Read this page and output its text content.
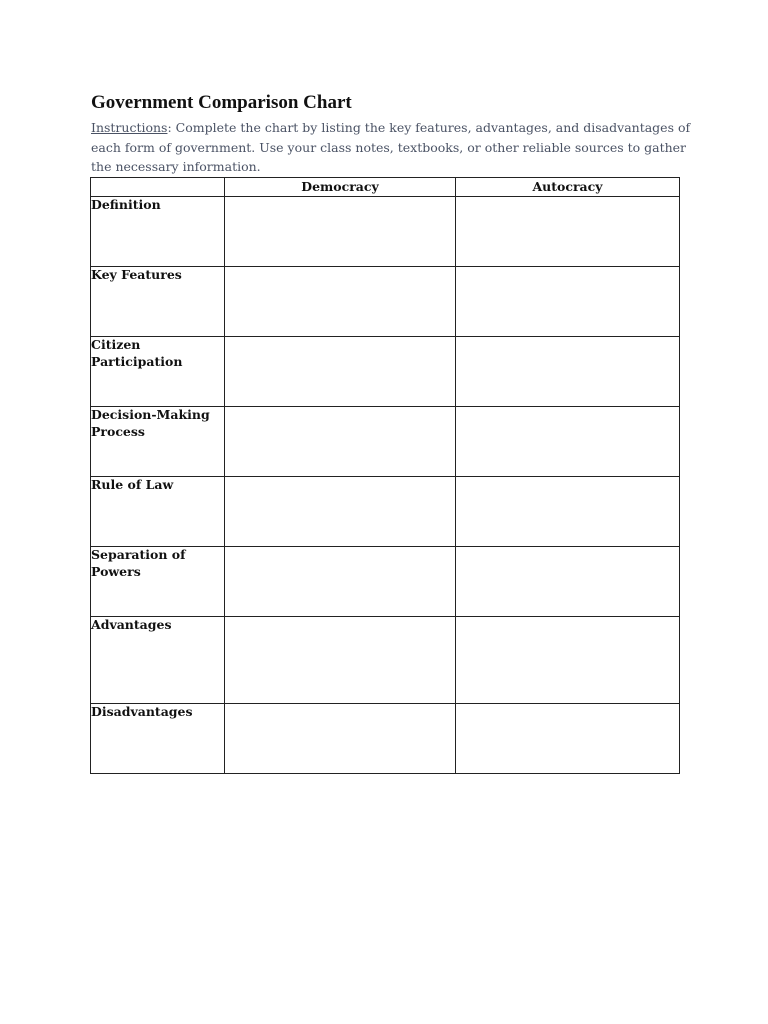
Government Comparison Chart
Instructions: Complete the chart by listing the key features, advantages, and disadvantages of each form of government. Use your class notes, textbooks, or other reliable sources to gather the necessary information.
	Democracy	Autocracy
Definition		
Key Features		
Citizen Participation		
Decision-Making Process		
Rule of Law		
Separation of Powers		
Advantages		
Disadvantages		
